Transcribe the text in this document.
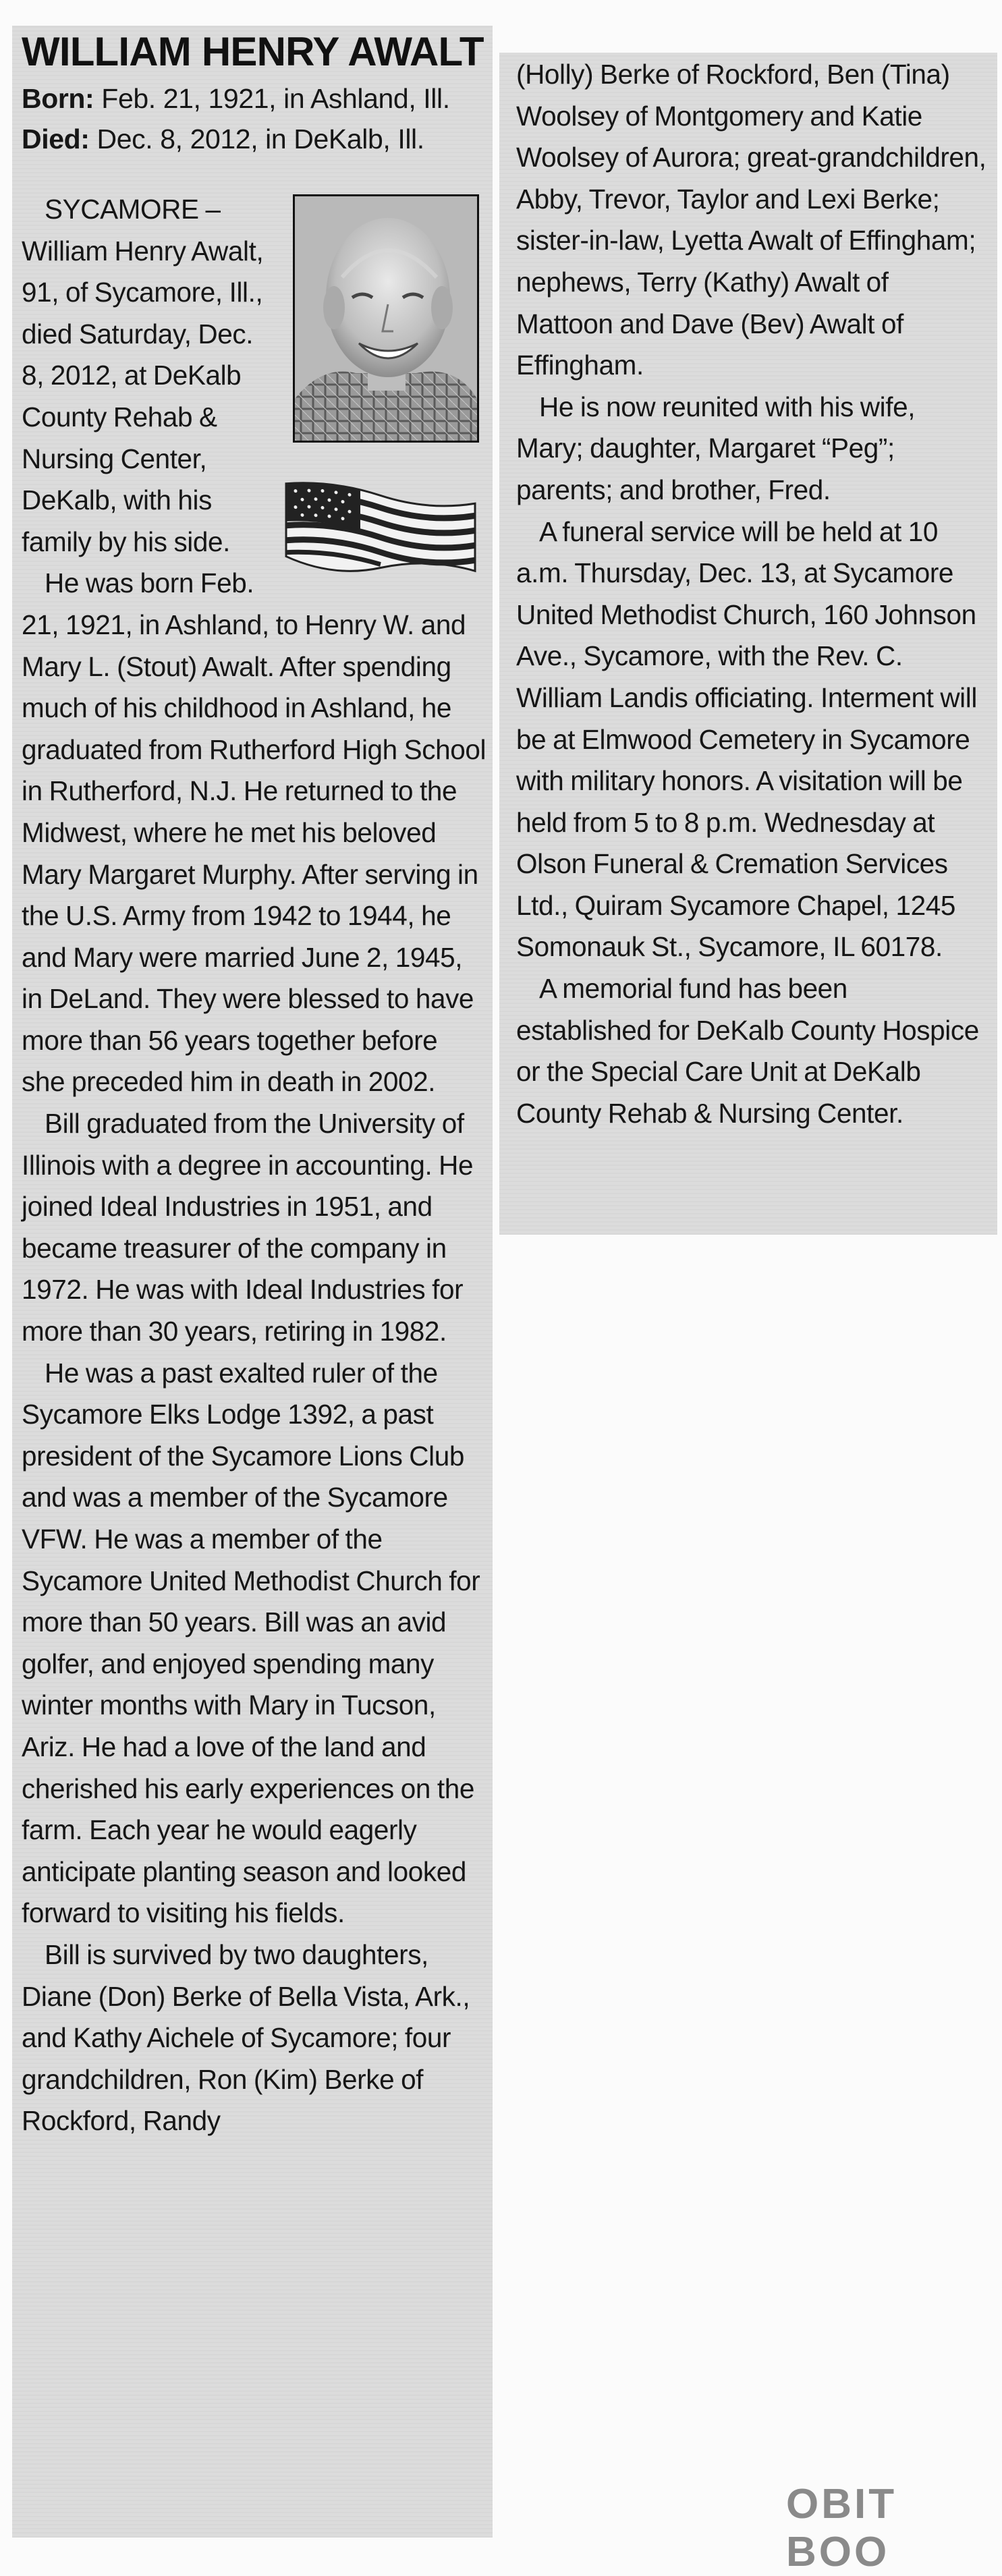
WILLIAM HENRY AWALT

Born: Feb. 21, 1921, in Ashland, Ill.

Died: Dec. 8, 2012, in DeKalb, Ill.

SYCAMORE – William Henry Awalt, 91, of Sycamore, Ill., died Saturday, Dec. 8, 2012, at DeKalb County Rehab & Nursing Center, DeKalb, with his family by his side.

He was born Feb. 21, 1921, in Ashland, to Henry W. and Mary L. (Stout) Awalt. After spending much of his childhood in Ashland, he graduated from Rutherford High School in Rutherford, N.J. He returned to the Midwest, where he met his beloved Mary Margaret Murphy. After serving in the U.S. Army from 1942 to 1944, he and Mary were married June 2, 1945, in DeLand. They were blessed to have more than 56 years together before she preceded him in death in 2002.

Bill graduated from the University of Illinois with a degree in accounting. He joined Ideal Industries in 1951, and became treasurer of the company in 1972. He was with Ideal Industries for more than 30 years, retiring in 1982.

He was a past exalted ruler of the Sycamore Elks Lodge 1392, a past president of the Sycamore Lions Club and was a member of the Sycamore VFW. He was a member of the Sycamore United Methodist Church for more than 50 years. Bill was an avid golfer, and enjoyed spending many winter months with Mary in Tucson, Ariz. He had a love of the land and cherished his early experiences on the farm. Each year he would eagerly anticipate planting season and looked forward to visiting his fields.

Bill is survived by two daughters, Diane (Don) Berke of Bella Vista, Ark., and Kathy Aichele of Sycamore; four grandchildren, Ron (Kim) Berke of Rockford, Randy

(Holly) Berke of Rockford, Ben (Tina) Woolsey of Montgomery and Katie Woolsey of Aurora; great-grandchildren, Abby, Trevor, Taylor and Lexi Berke; sister-in-law, Lyetta Awalt of Effingham; nephews, Terry (Kathy) Awalt of Mattoon and Dave (Bev) Awalt of Effingham.

He is now reunited with his wife, Mary; daughter, Margaret “Peg”; parents; and brother, Fred.

A funeral service will be held at 10 a.m. Thursday, Dec. 13, at Sycamore United Methodist Church, 160 Johnson Ave., Sycamore, with the Rev. C. William Landis officiating. Interment will be at Elmwood Cemetery in Sycamore with military honors. A visitation will be held from 5 to 8 p.m. Wednesday at Olson Funeral & Cremation Services Ltd., Quiram Sycamore Chapel, 1245 Somonauk St., Sycamore, IL 60178.

A memorial fund has been established for DeKalb County Hospice or the Special Care Unit at DeKalb County Rehab & Nursing Center.

OBIT BOO
